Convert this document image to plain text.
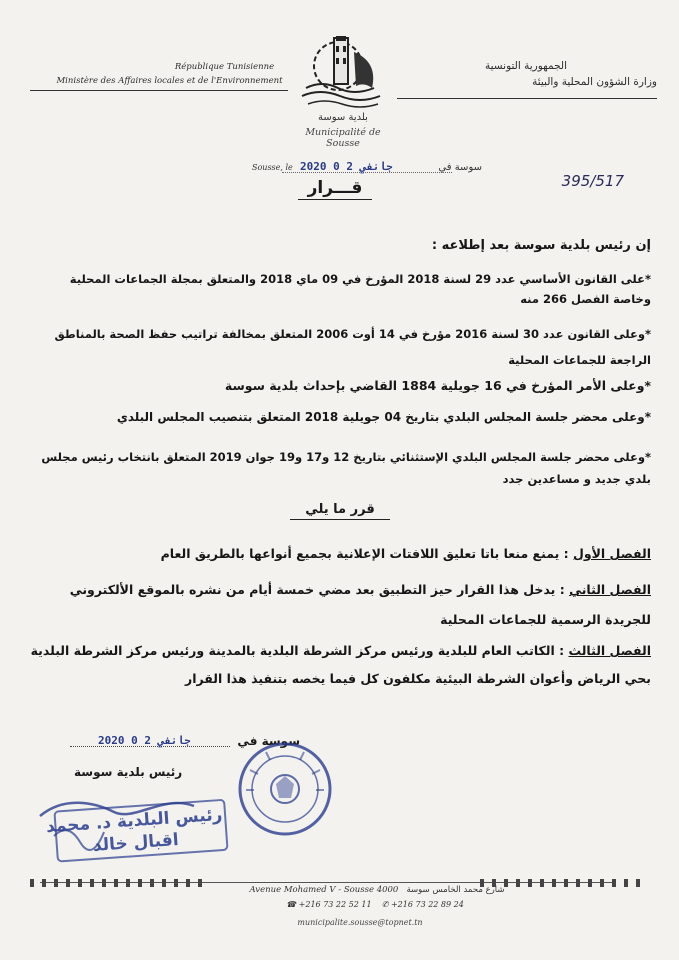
République Tunisienne
Ministère des Affaires locales et de l'Environnement
الجمهورية التونسية
وزارة الشؤون المحلية والبيئة
بلدية سوسة
Municipalité de Sousse
Sousse, le 2020 جانفي 2 0	سوسة في
395/517
قـــرار
إن رئيس بلدية سوسة بعد إطلاعه :
*على القانون الأساسي عدد 29 لسنة 2018 المؤرخ في 09 ماي 2018 والمتعلق بمجلة الجماعات المحلية وخاصة الفصل 266 منه
*وعلى القانون عدد 30 لسنة 2016 مؤرخ في 14 أوت 2006 المتعلق بمخالفة تراتيب حفظ الصحة بالمناطق الراجعة للجماعات المحلية
*وعلى الأمر المؤرخ في 16 جويلية 1884 القاضي بإحداث بلدية سوسة
*وعلى محضر جلسة المجلس البلدي بتاريخ 04 جويلية 2018 المتعلق بتنصيب المجلس البلدي
*وعلى محضر جلسة المجلس البلدي الإستثنائي بتاريخ 12 و17 و19 جوان 2019 المتعلق بانتخاب رئيس مجلس بلدي جديد و مساعدين جدد
قرر ما يلي
الفصل الأول : يمنع منعا باتا تعليق اللافتات الإعلانية بجميع أنواعها بالطريق العام
الفصل الثاني : يدخل هذا القرار حيز التطبيق بعد مضي خمسة أيام من نشره بالموقع الألكتروني للجريدة الرسمية للجماعات المحلية
الفصل الثالث : الكاتب العام للبلدية ورئيس مركز الشرطة البلدية بالمدينة ورئيس مركز الشرطة البلدية بحي الرياض وأعوان الشرطة البيئية مكلفون كل فيما يخصه بتنفيذ هذا القرار
سوسة في
2020 جانفي 2 0
رئيس بلدية سوسة
رئيس البلدية د. محمد اقبال خالد
Avenue Mohamed V - Sousse 4000 شارع محمد الخامس سوسة
☎ +216 73 22 52 11 ✆ +216 73 22 89 24
municipalite.sousse@topnet.tn
